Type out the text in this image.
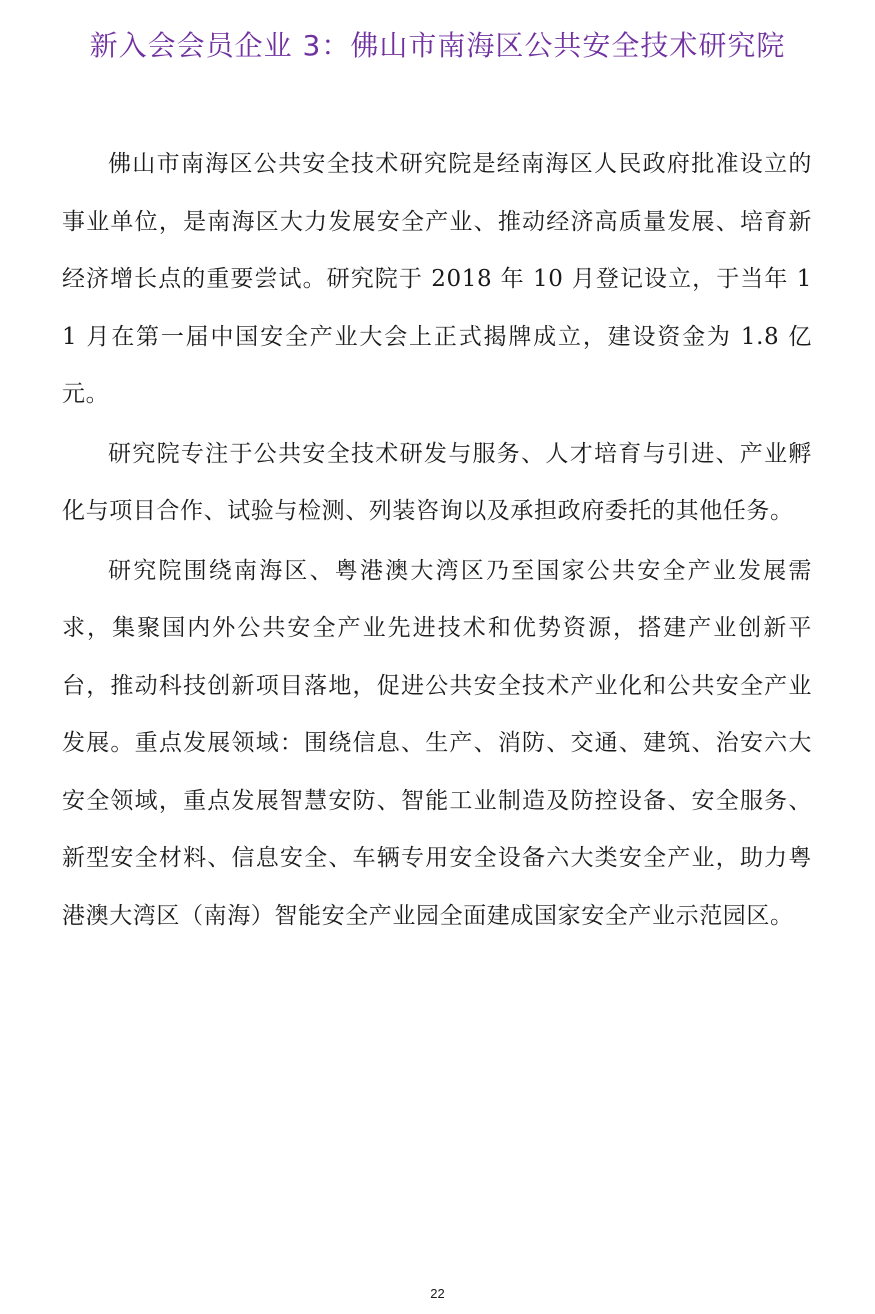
新入会会员企业 3：佛山市南海区公共安全技术研究院

佛山市南海区公共安全技术研究院是经南海区人民政府批准设立的事业单位，是南海区大力发展安全产业、推动经济高质量发展、培育新经济增长点的重要尝试。研究院于 2018 年 10 月登记设立，于当年 11 月在第一届中国安全产业大会上正式揭牌成立，建设资金为 1.8 亿元。

研究院专注于公共安全技术研发与服务、人才培育与引进、产业孵化与项目合作、试验与检测、列装咨询以及承担政府委托的其他任务。

研究院围绕南海区、粤港澳大湾区乃至国家公共安全产业发展需求，集聚国内外公共安全产业先进技术和优势资源，搭建产业创新平台，推动科技创新项目落地，促进公共安全技术产业化和公共安全产业发展。重点发展领域：围绕信息、生产、消防、交通、建筑、治安六大安全领域，重点发展智慧安防、智能工业制造及防控设备、安全服务、新型安全材料、信息安全、车辆专用安全设备六大类安全产业，助力粤港澳大湾区（南海）智能安全产业园全面建成国家安全产业示范园区。

22
